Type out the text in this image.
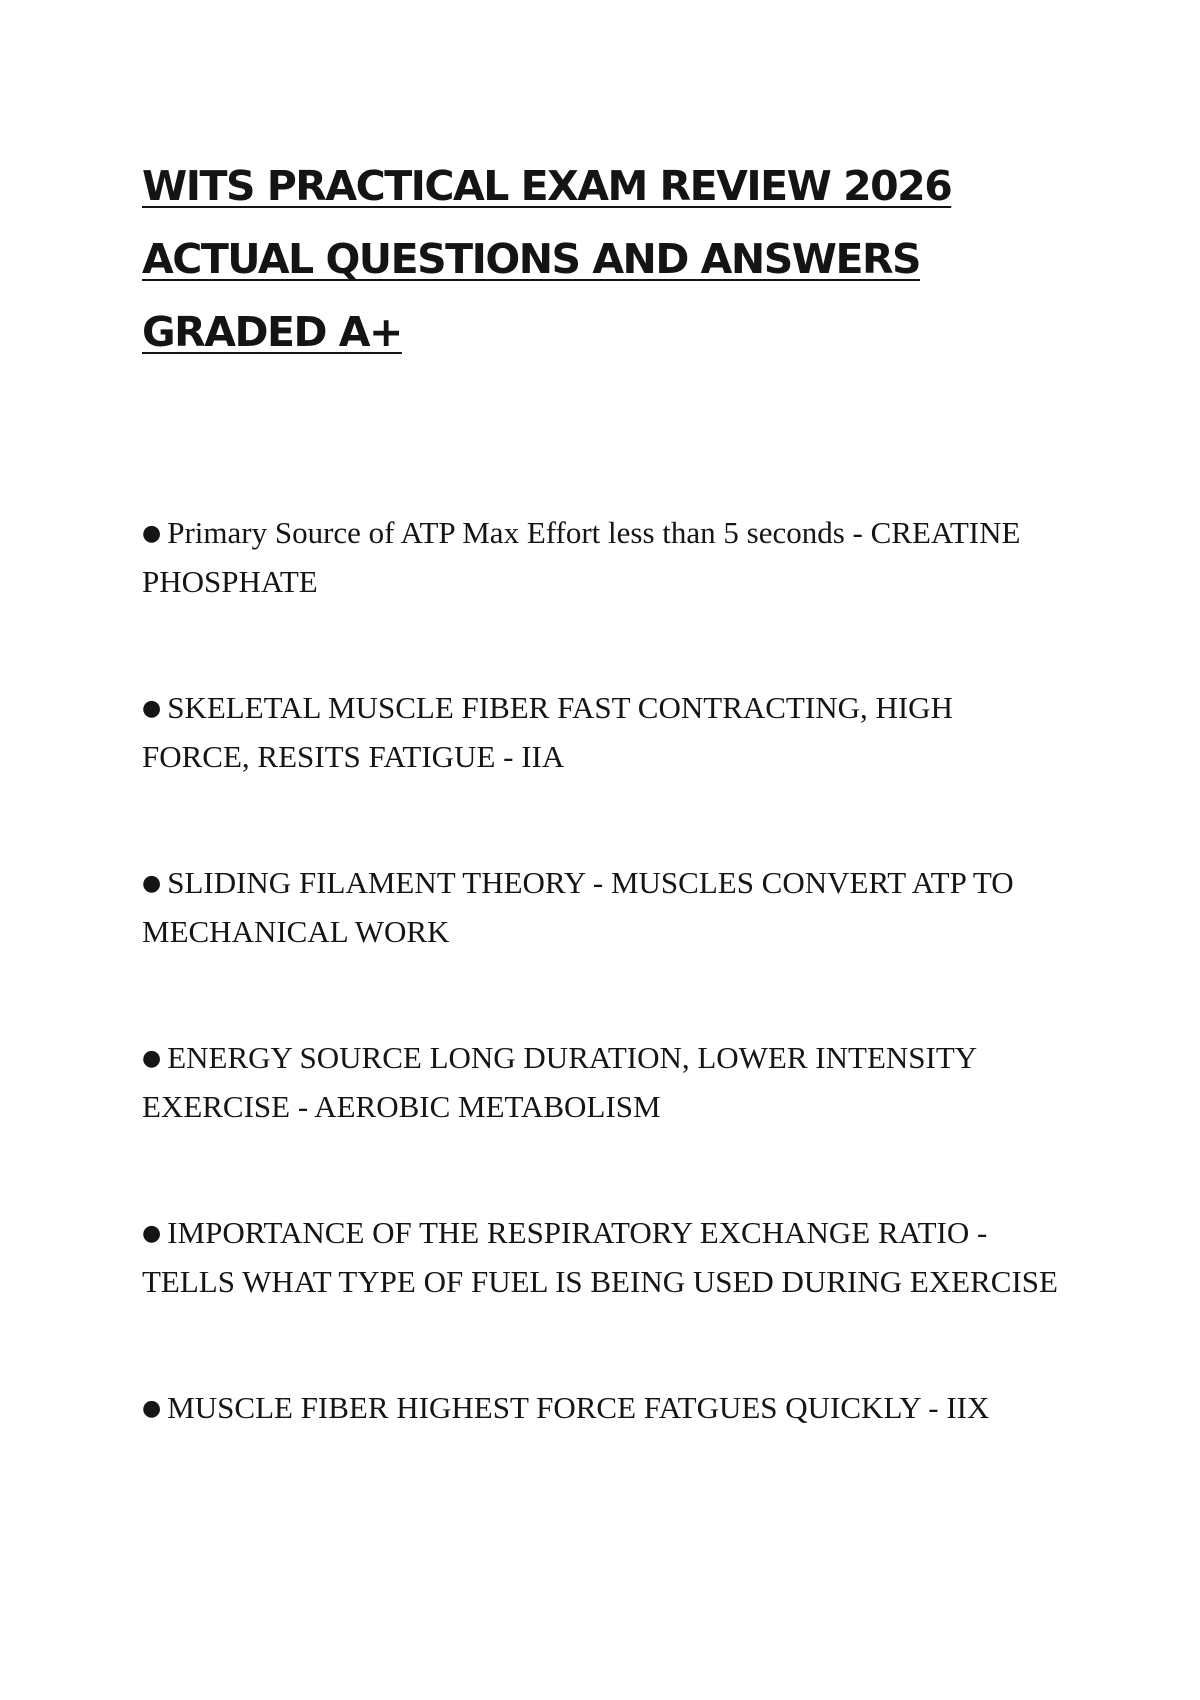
WITS PRACTICAL EXAM REVIEW 2026 ACTUAL QUESTIONS AND ANSWERS GRADED A+
● Primary Source of ATP Max Effort less than 5 seconds - CREATINE PHOSPHATE
● SKELETAL MUSCLE FIBER FAST CONTRACTING, HIGH FORCE, RESITS FATIGUE - IIA
● SLIDING FILAMENT THEORY - MUSCLES CONVERT ATP TO MECHANICAL WORK
● ENERGY SOURCE LONG DURATION, LOWER INTENSITY EXERCISE - AEROBIC METABOLISM
● IMPORTANCE OF THE RESPIRATORY EXCHANGE RATIO - TELLS WHAT TYPE OF FUEL IS BEING USED DURING EXERCISE
● MUSCLE FIBER HIGHEST FORCE FATGUES QUICKLY - IIX
